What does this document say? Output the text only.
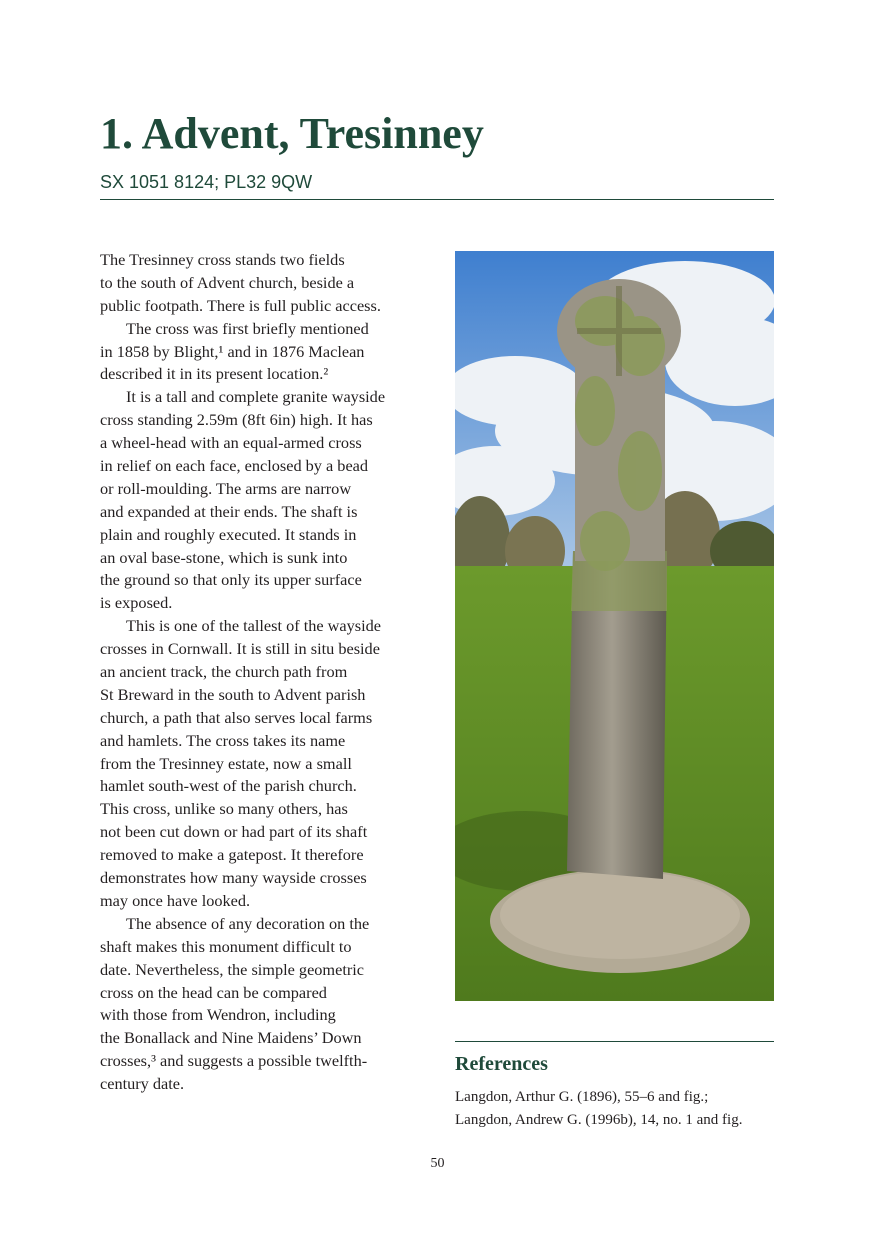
1. Advent, Tresinney
SX 1051 8124; PL32 9QW
The Tresinney cross stands two fields
to the south of Advent church, beside a
public footpath. There is full public access.
The cross was first briefly mentioned
in 1858 by Blight,¹ and in 1876 Maclean
described it in its present location.²
It is a tall and complete granite wayside
cross standing 2.59m (8ft 6in) high. It has
a wheel-head with an equal-armed cross
in relief on each face, enclosed by a bead
or roll-moulding. The arms are narrow
and expanded at their ends. The shaft is
plain and roughly executed. It stands in
an oval base-stone, which is sunk into
the ground so that only its upper surface
is exposed.
This is one of the tallest of the wayside
crosses in Cornwall. It is still in situ beside
an ancient track, the church path from
St Breward in the south to Advent parish
church, a path that also serves local farms
and hamlets. The cross takes its name
from the Tresinney estate, now a small
hamlet south-west of the parish church.
This cross, unlike so many others, has
not been cut down or had part of its shaft
removed to make a gatepost. It therefore
demonstrates how many wayside crosses
may once have looked.
The absence of any decoration on the
shaft makes this monument difficult to
date. Nevertheless, the simple geometric
cross on the head can be compared
with those from Wendron, including
the Bonallack and Nine Maidens’ Down
crosses,³ and suggests a possible twelfth-
century date.
References
Langdon, Arthur G. (1896), 55–6 and fig.;
Langdon, Andrew G. (1996b), 14, no. 1 and fig.
50
